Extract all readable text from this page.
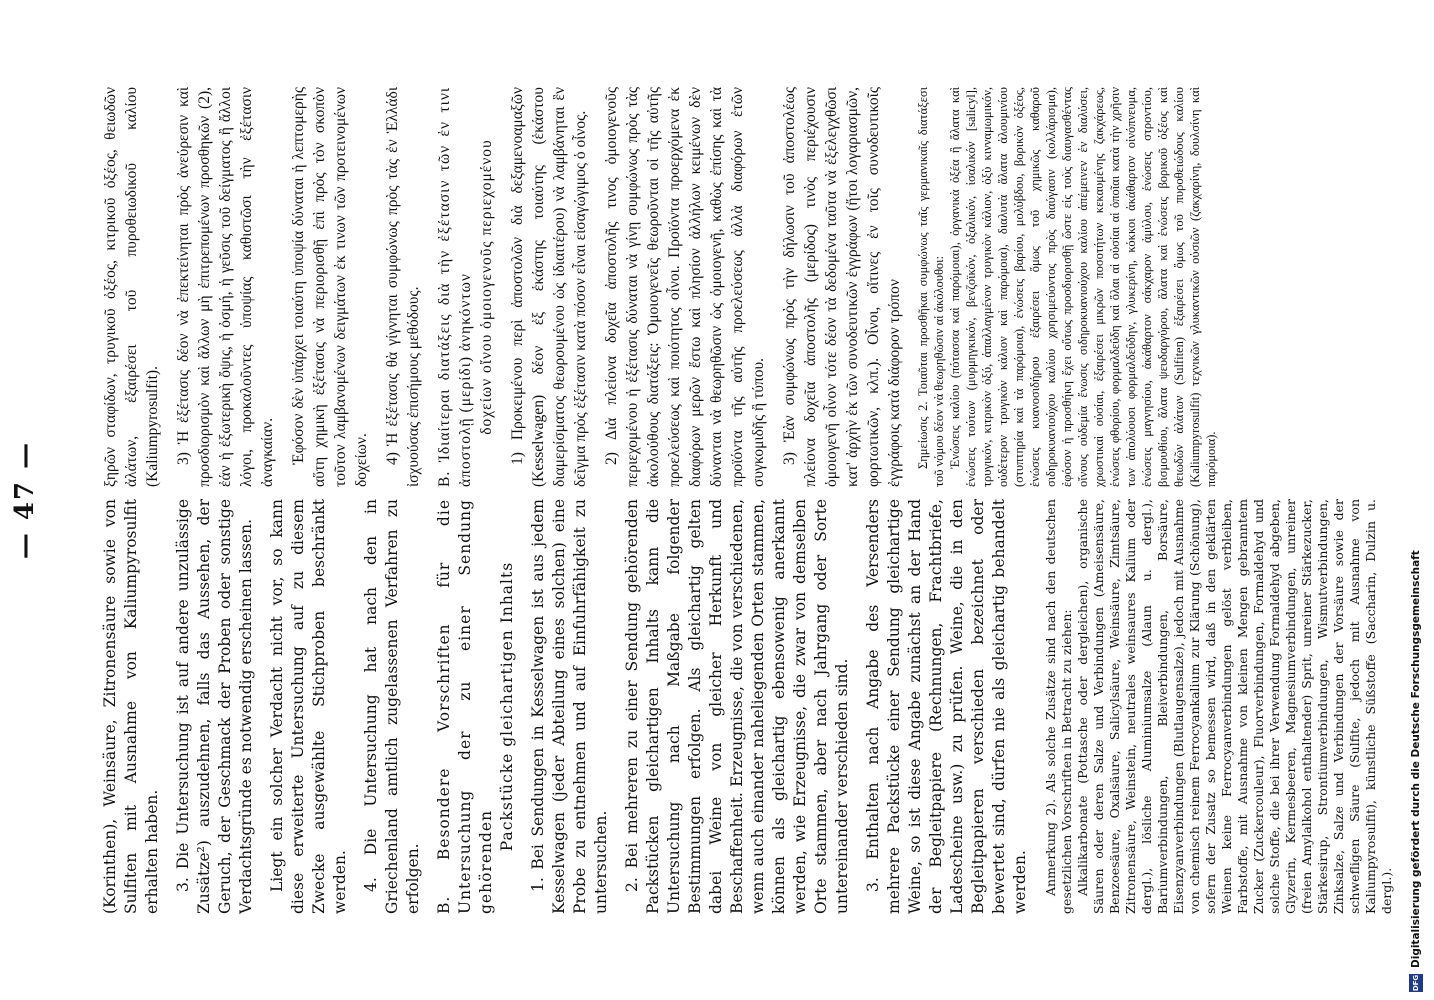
— 47 —	(Korinthen), Weinsäure, Zitronensäure sowie von Sulfiten mit Ausnahme von Kaliumpyrosulfit erhalten haben. 3. Die Untersuchung ist auf andere unzulässige Zusätze²) auszudehnen, falls das Aussehen, der Geruch, der Geschmack der Proben oder sonstige Verdachtsgründe es notwendig erscheinen lassen. Liegt ein solcher Verdacht nicht vor, so kann diese erweiterte Untersuchung auf zu diesem Zwecke ausgewählte Stichproben beschränkt werden. 4. Die Untersuchung hat nach den in Griechenland amtlich zugelassenen Verfahren zu erfolgen. B. Besondere Vorschriften für die Untersuchung der zu einer Sendung gehörenden

Packstücke gleichartigen Inhalts 1. Bei Sendungen in Kesselwagen ist aus jedem Kesselwagen (jeder Abteilung eines solchen) eine Probe zu entnehmen und auf Einfuhrfähigkeit zu untersuchen. 2. Bei mehreren zu einer Sendung gehörenden Packstücken gleichartigen Inhalts kann die Untersuchung nach Maßgabe folgender Bestimmungen erfolgen. Als gleichartig gelten dabei Weine von gleicher Herkunft und Beschaffenheit. Erzeugnisse, die von verschiedenen, wenn auch einander naheliegenden Orten stammen, können als gleichartig ebensowenig anerkannt werden, wie Erzeugnisse, die zwar von demselben Orte stammen, aber nach Jahrgang oder Sorte untereinander verschieden sind. 3. Enthalten nach Angabe des Versenders mehrere Packstücke einer Sendung gleichartige Weine, so ist diese Angabe zunächst an der Hand der Begleitpapiere (Rechnungen, Frachtbriefe, Ladescheine usw.) zu prüfen. Weine, die in den Begleitpapieren verschieden bezeichnet oder bewertet sind, dürfen nie als gleichartig behandelt werden. Anmerkung 2). Als solche Zusätze sind nach den deutschen gesetzlichen Vorschriften in Betracht zu ziehen: Alkalikarbonate (Pottasche oder dergleichen), organische Säuren oder deren Salze und Verbindungen (Ameisensäure, Benzoesäure, Oxalsäure, Salicylsäure, Weinsäure, Zimtsäure, Zitronensäure, Weinstein, neutrales weinsaures Kalium oder dergl.), lösliche Aluminiumsalze (Alaun u. dergl.), Bariumverbindungen, Bleiverbindungen, Borsäure, Eisenzyanverbindungen (Blutlaugensalze), jedoch mit Ausnahme von chemisch reinem Ferrocyankalium zur Klärung (Schönung), sofern der Zusatz so bemessen wird, daß in den geklärten Weinen keine Ferrocyanverbindungen gelöst verbleiben, Farbstoffe, mit Ausnahme von kleinen Mengen gebranntem Zucker (Zuckercouleur), Fluorverbindungen, Formaldehyd und solche Stoffe, die bei ihrer Verwendung Formaldehyd abgeben, Glyzerin, Kermesbeeren, Magnesiumverbindungen, unreiner (freien Amylalkohol enthaltender) Sprit, unreiner Stärkezucker, Stärkesirup, Strontiumverbindungen, Wismutverbindungen, Zinksalze, Salze und Verbindungen der Vorsäure sowie der schwefligen Säure (Sulfite, jedoch mit Ausnahme von Kaliumpyrosulfit), künstliche Süßstoffe (Saccharin, Dulzin u. dergl.).

ξηρῶν σταφίδων, τρυγικοῦ ὀξέος, κιτρικοῦ ὀξέος, θειωδῶν ἀλάτων, ἐξαιρέσει τοῦ πυροθειωδικοῦ καλίου (Kaliumpyrosulfit). 3) Ἡ ἐξέτασις δέον νὰ ἐπεκτείνηται πρὸς ἀνεύρεσιν καὶ προσδιορισμὸν καὶ ἄλλων μὴ ἐπιτρεπομένων προσθηκῶν (2), ἐάν ἡ ἐξωτερικὴ ὄψις, ἡ ὀσμή, ἡ γεῦσις τοῦ δείγματος ἢ ἄλλοι λόγοι, προκαλοῦντες ὑποψίας καθιστῶσι τὴν ἐξέτασιν ἀναγκαίαν. Ἐφόσον δὲν ὑπάρχει τοιαύτη ὑποψία δύναται ἡ λεπτομερὴς αὕτη χημικὴ ἐξέτασις νὰ περιορισθῇ ἐπὶ πρὸς τὸν σκοπὸν τοῦτον λαμβανομένων δειγμάτων ἐκ τινων τῶν προτεινομένων δοχείων. 4) Ἡ ἐξέτασις θὰ γίγνηται συμφώνως πρὸς τὰς ἐν Ἑλλάδι ἰσχυούσας ἐπισήμους μεθόδους. B. Ἰδιαίτεραι διατάξεις διὰ τὴν ἐξέτασιν τῶν ἐν τινι ἀποστολῇ (μερίδι) ἀνηκόντων δοχείων οἴνου ὁμοιογενοῦς περιεχομένου 1) Προκειμένου περὶ ἀποστολῶν διὰ δεξαμενοαμαξῶν (Kesselwagen) δέον ἐξ ἑκάστης τοιαύτης (ἑκάστου διαμερίσματος θεωρουμένου ὡς ἰδιαιτέρου) νὰ λαμβάνηται ἓν δεῖγμα πρὸς ἐξέτασιν κατὰ πόσον εἶναι εἰσαγώγιμος ὁ οἶνος. 2) Διὰ πλείονα δοχεῖα ἀποστολῆς τινος ὁμοιογενοῦς περιεχομένου ἡ ἐξέτασις δύναται νὰ γίνῃ συμφώνως πρὸς τὰς ἀκολούθους διατάξεις: Ὁμοιογενεῖς θεωροῦνται οἱ τῆς αὐτῆς προελεύσεως καὶ ποιότητος οἶνοι. Προϊόντα προερχόμενα ἐκ διαφόρων μερῶν ἔστω καὶ πλησίον ἀλλήλων κειμένων δὲν δύνανται νὰ θεωρηθῶσιν ὡς ὁμοιογενῆ, καθὼς ἐπίσης καὶ τὰ προϊόντα τῆς αὐτῆς προελεύσεως ἀλλὰ διαφόρων ἐτῶν συγκομιδῆς ἢ τύπου. 3) Ἐὰν συμφώνως πρὸς τὴν δήλωσιν τοῦ ἀποστολέως πλείονα δοχεῖα ἀποστολῆς (μερίδος) τινὸς περιέχουσιν ὁμοιογενῆ οἶνον τότε δέον τὰ δεδομένα ταῦτα νὰ ἐξελεγχθῶσι κατ' ἀρχὴν ἐκ τῶν συνοδευτικῶν ἐγγράφων (ἤτοι λογαριασμῶν, φορτωτικῶν, κλπ.). Οἶνοι, οἵτινες ἐν τοῖς συνοδευτικοῖς ἐγγράφοις κατὰ διάφορον τρόπον Σημείωσις 2. Τοιαῦται προσθῆκαι συμφώνως ταῖς γερμανικαῖς διατάξεσι τοῦ νόμου δέον νὰ θεωρηθῶσιν αἱ ἀκόλουθοι: Ἐνώσεις καλίου (πότασσα καὶ παρόμοιαι), ὀργανικὰ ὀξέα ἢ ἅλατα καὶ ἑνώσεις τούτων (μυρμηγκικόν, βενζοϊκόν, ὀξαλικόν, ἰσαλικόν [salicyl], τρυγικόν, κιτρικὸν ὀξύ, ἀπαλλαγμένον τρυγικὸν κάλιον, ὀξὺ κινναμωμικόν, οὐδέτερον τρυγικὸν κάλιον καὶ παρόμοια), διαλυτὰ ἅλατα ἀλουμινίου (στυπτηρία καὶ τὰ παρόμοια), ἑνώσεις βαρίου, μολύβδου, βορικὸν ὀξέος, ἑνώσεις κυανοσιδήρου ἐξαιρέσει ὅμως τοῦ χημικῶς καθαροῦ σιδηροκυανιούχου καλίου χρησιμεύοντος πρὸς διαύγασιν (κολλάρισμα), ἐφόσον ἡ προσθήκη ἔχει οὕτως προσδιορισθῇ ὥστε εἰς τοὺς διαυγασθέντας οἴνους οὐδεμία ἕνωσις σιδηροκυανιούχου καλίου ἀπέμεινεν ἐν διαλύσει, χρωστικαὶ οὐσίαι, ἐξαιρέσει μικρῶν ποσοτήτων κεκαυμένης ζακχάρεως, ἑνώσεις φθορίου, φορμαλδεΰδη καὶ ὅλαι αἱ οὐσίαι αἱ ὁποῖαι κατὰ τὴν χρῆσιν των ἀπολύουσι φορμαλδεΰδην, γλυκερίνη, κόκκοι ἀκάθαρτον οἰνόπνευμα, ἑνώσεις μαγνησίου, ἀκάθαρτον σάκχαρον ἀμύλου, ἑνώσεις στροντίου, βισμουθίου, ἅλατα ψευδαργύρου, ἅλατα καὶ ἑνώσεις βορικοῦ ὀξέος καὶ θειωδῶν ἀλάτων (Sulfiten) ἐξαιρέσει ὅμως τοῦ πυροθειώδους καλίου (Kaliumpyrosulfit) τεχνικῶν γλυκαντικῶν οὐσιῶν (ζακχαρίνη, δουλσίνη καὶ παρόμοια).

DFG
Digitalisierung gefördert durch die Deutsche Forschungsgemeinschaft
